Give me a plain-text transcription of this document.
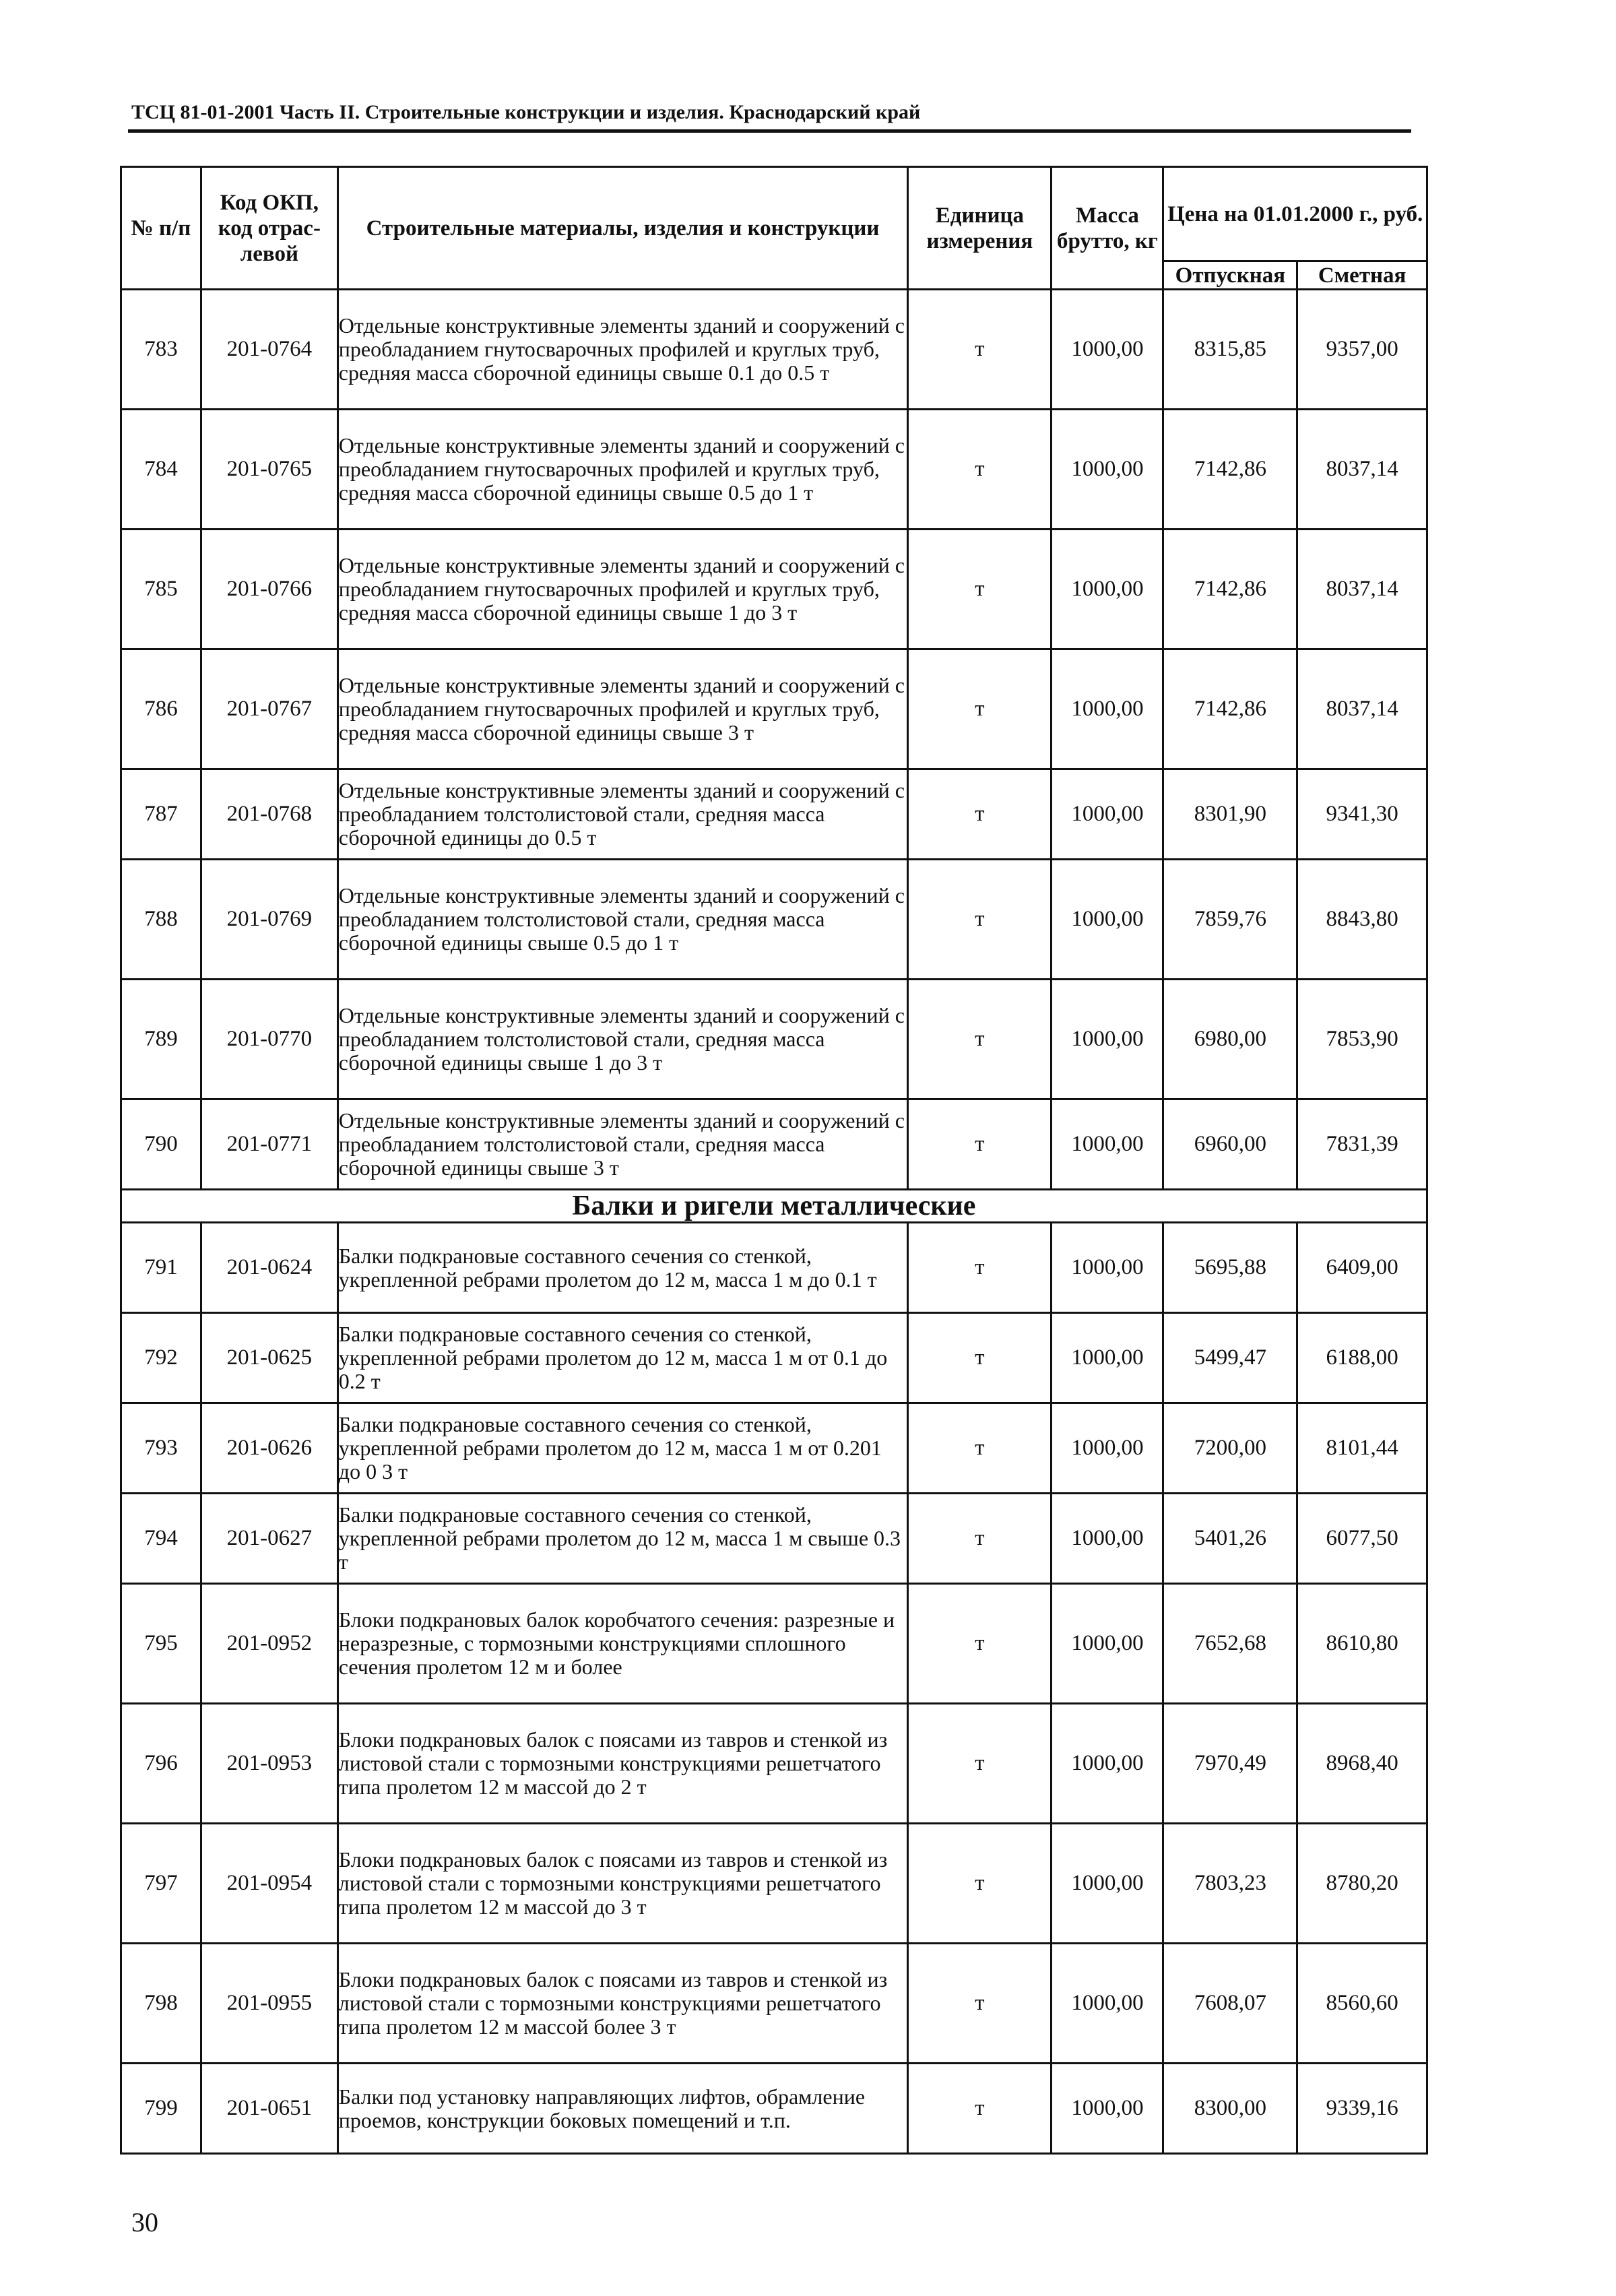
ТСЦ 81-01-2001 Часть II. Строительные конструкции и изделия. Краснодарский край
№ п/п	Код ОКП, код отрас-левой	Строительные материалы, изделия и конструкции	Единица измерения	Масса брутто, кг	Цена на 01.01.2000 г., руб.	
					Отпускная	Сметная
783	201-0764	Отдельные конструктивные элементы зданий и сооружений с преобладанием гнутосварочных профилей и круглых труб, средняя масса сборочной единицы свыше 0.1 до 0.5 т	т	1000,00	8315,85	9357,00
784	201-0765	Отдельные конструктивные элементы зданий и сооружений с преобладанием гнутосварочных профилей и круглых труб, средняя масса сборочной единицы свыше 0.5 до 1 т	т	1000,00	7142,86	8037,14
785	201-0766	Отдельные конструктивные элементы зданий и сооружений с преобладанием гнутосварочных профилей и круглых труб, средняя масса сборочной единицы свыше 1 до 3 т	т	1000,00	7142,86	8037,14
786	201-0767	Отдельные конструктивные элементы зданий и сооружений с преобладанием гнутосварочных профилей и круглых труб, средняя масса сборочной единицы свыше 3 т	т	1000,00	7142,86	8037,14
787	201-0768	Отдельные конструктивные элементы зданий и сооружений с преобладанием толстолистовой стали, средняя масса сборочной единицы до 0.5 т	т	1000,00	8301,90	9341,30
788	201-0769	Отдельные конструктивные элементы зданий и сооружений с преобладанием толстолистовой стали, средняя масса сборочной единицы свыше 0.5 до 1 т	т	1000,00	7859,76	8843,80
789	201-0770	Отдельные конструктивные элементы зданий и сооружений с преобладанием толстолистовой стали, средняя масса сборочной единицы свыше 1 до 3 т	т	1000,00	6980,00	7853,90
790	201-0771	Отдельные конструктивные элементы зданий и сооружений с преобладанием толстолистовой стали, средняя масса сборочной единицы свыше 3 т	т	1000,00	6960,00	7831,39
Балки и ригели металлические						
791	201-0624	Балки подкрановые составного сечения со стенкой, укрепленной ребрами пролетом до 12 м, масса 1 м до 0.1 т	т	1000,00	5695,88	6409,00
792	201-0625	Балки подкрановые составного сечения со стенкой, укрепленной ребрами пролетом до 12 м, масса 1 м от 0.1 до 0.2 т	т	1000,00	5499,47	6188,00
793	201-0626	Балки подкрановые составного сечения со стенкой, укрепленной ребрами пролетом до 12 м, масса 1 м от 0.201 до 0 3 т	т	1000,00	7200,00	8101,44
794	201-0627	Балки подкрановые составного сечения со стенкой, укрепленной ребрами пролетом до 12 м, масса 1 м свыше 0.3 т	т	1000,00	5401,26	6077,50
795	201-0952	Блоки подкрановых балок коробчатого сечения: разрезные и неразрезные, с тормозными конструкциями сплошного сечения пролетом 12 м и более	т	1000,00	7652,68	8610,80
796	201-0953	Блоки подкрановых балок с поясами из тавров и стенкой из листовой стали с тормозными конструкциями решетчатого типа пролетом 12 м массой до 2 т	т	1000,00	7970,49	8968,40
797	201-0954	Блоки подкрановых балок с поясами из тавров и стенкой из листовой стали с тормозными конструкциями решетчатого типа пролетом 12 м массой до 3 т	т	1000,00	7803,23	8780,20
798	201-0955	Блоки подкрановых балок с поясами из тавров и стенкой из листовой стали с тормозными конструкциями решетчатого типа пролетом 12 м массой более 3 т	т	1000,00	7608,07	8560,60
799	201-0651	Балки под установку направляющих лифтов, обрамление проемов, конструкции боковых помещений и т.п.	т	1000,00	8300,00	9339,16
30
